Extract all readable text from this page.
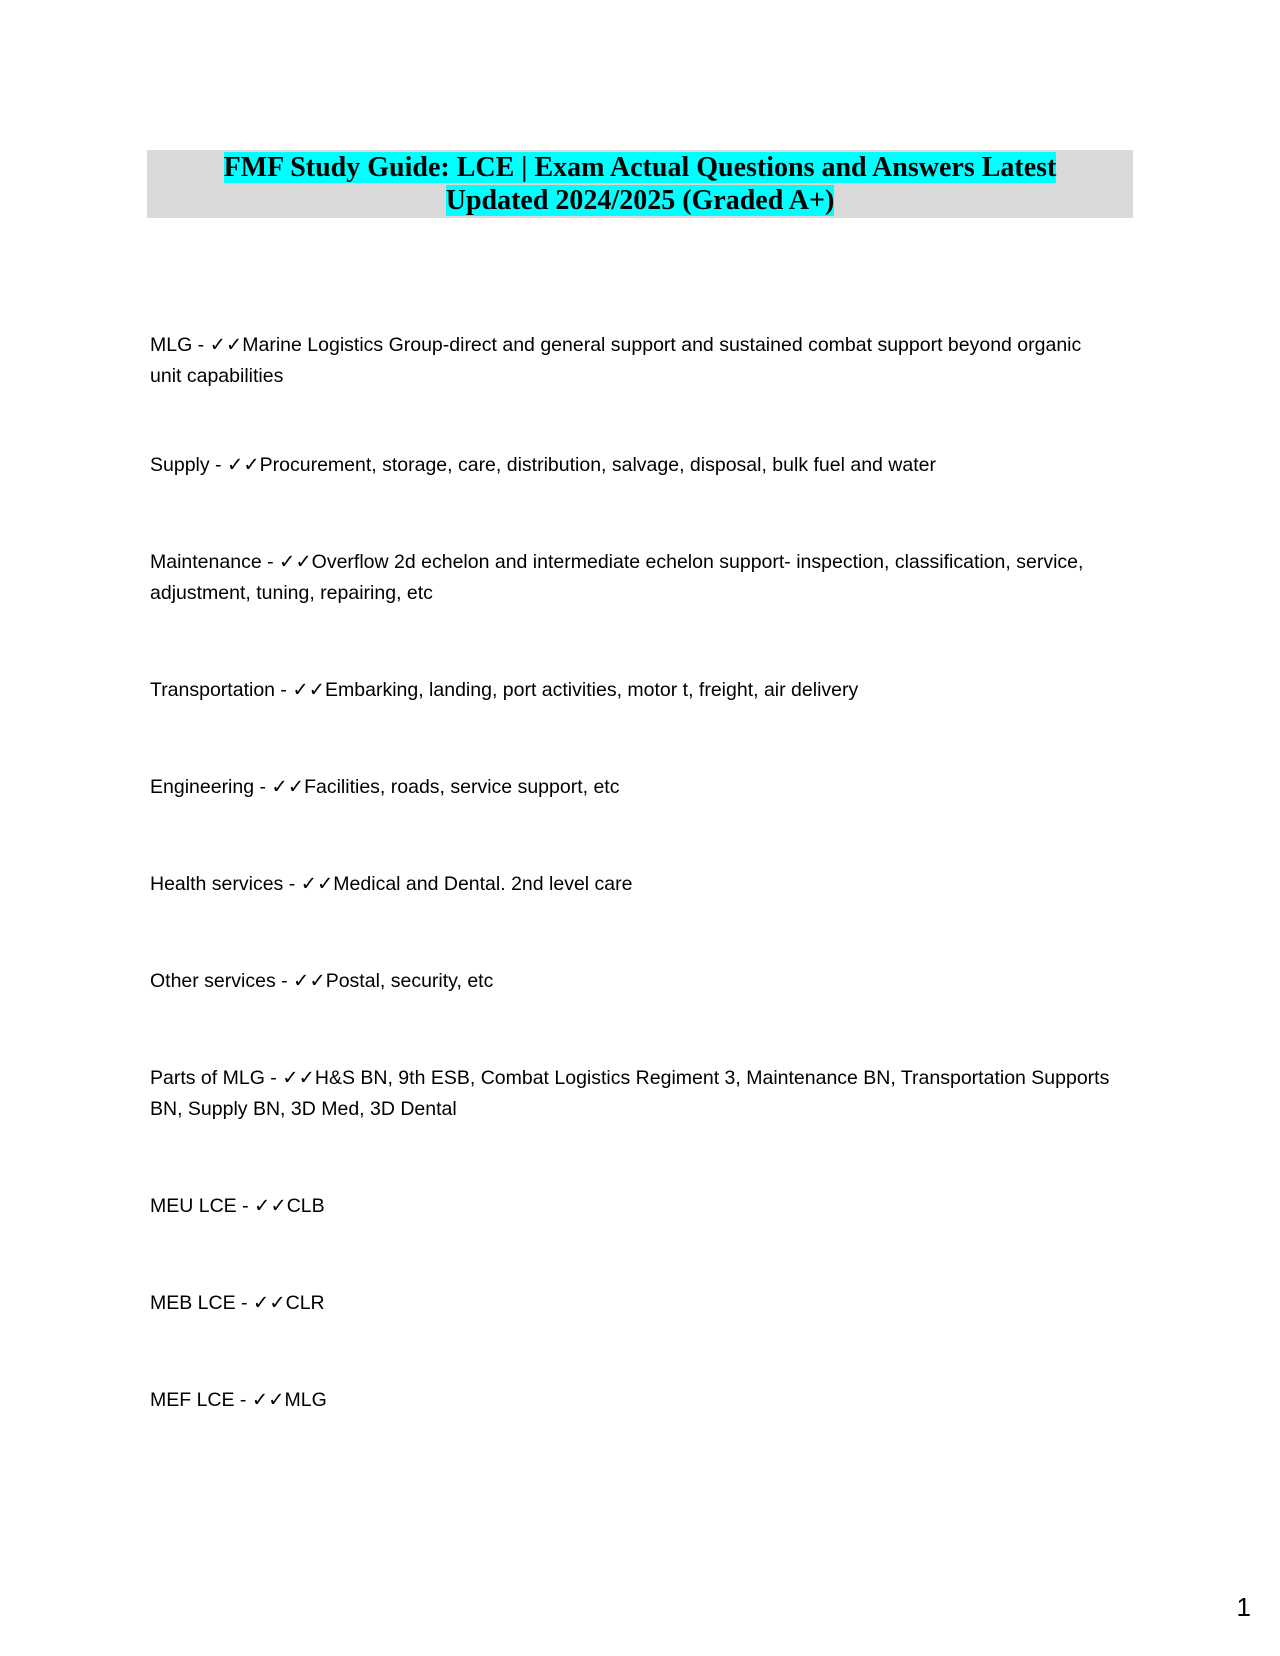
FMF Study Guide: LCE | Exam Actual Questions and Answers Latest
Updated 2024/2025 (Graded A+)

MLG - ✓✓Marine Logistics Group-direct and general support and sustained combat support beyond organic unit capabilities

Supply - ✓✓Procurement, storage, care, distribution, salvage, disposal, bulk fuel and water

Maintenance - ✓✓Overflow 2d echelon and intermediate echelon support- inspection, classification, service, adjustment, tuning, repairing, etc

Transportation - ✓✓Embarking, landing, port activities, motor t, freight, air delivery

Engineering - ✓✓Facilities, roads, service support, etc

Health services - ✓✓Medical and Dental. 2nd level care

Other services - ✓✓Postal, security, etc

Parts of MLG - ✓✓H&S BN, 9th ESB, Combat Logistics Regiment 3, Maintenance BN, Transportation Supports BN, Supply BN, 3D Med, 3D Dental

MEU LCE - ✓✓CLB

MEB LCE - ✓✓CLR

MEF LCE - ✓✓MLG

1
